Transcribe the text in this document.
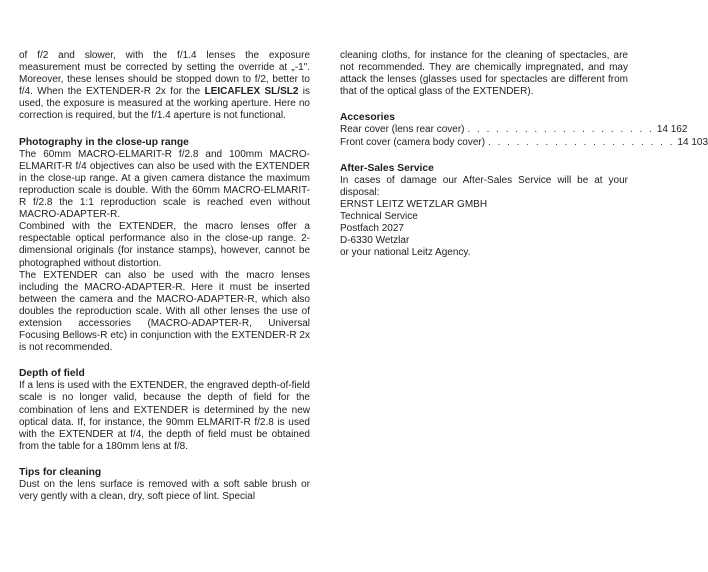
of f/2 and slower, with the f/1.4 lenses the exposure measurement must be corrected by setting the override at „-1". Moreover, these lenses should be stopped down to f/2, better to f/4. When the EXTENDER-R 2x for the LEICAFLEX SL/SL2 is used, the exposure is measured at the working aperture. Here no correction is required, but the f/1.4 aperture is not functional.

Photography in the close-up range

The 60mm MACRO-ELMARIT-R f/2.8 and 100mm MACRO-ELMARIT-R f/4 objectives can also be used with the EXTENDER in the close-up range. At a given camera distance the maximum reproduction scale is double. With the 60mm MACRO-ELMARIT-R f/2.8 the 1:1 reproduction scale is reached even without MACRO-ADAPTER-R.

Combined with the EXTENDER, the macro lenses offer a respectable optical performance also in the close-up range. 2-dimensional originals (for instance stamps), however, cannot be photographed without distortion.

The EXTENDER can also be used with the macro lenses including the MACRO-ADAPTER-R. Here it must be inserted between the camera and the MACRO-ADAPTER-R, which also doubles the reproduction scale. With all other lenses the use of extension accessories (MACRO-ADAPTER-R, Universal Focusing Bellows-R etc) in conjunction with the EXTENDER-R 2x is not recommended.

Depth of field

If a lens is used with the EXTENDER, the engraved depth-of-field scale is no longer valid, because the depth of field for the combination of lens and EXTENDER is determined by the new optical data. If, for instance, the 90mm ELMARIT-R f/2.8 is used with the EXTENDER at f/4, the depth of field must be obtained from the table for a 180mm lens at f/8.

Tips for cleaning

Dust on the lens surface is removed with a soft sable brush or very gently with a clean, dry, soft piece of lint. Special

cleaning cloths, for instance for the cleaning of spectacles, are not recommended. They are chemically impregnated, and may attack the lenses (glasses used for spectacles are different from that of the optical glass of the EXTENDER).

Accesories
Rear cover (lens rear cover) . . . . . . . . . . . . . . . . . . . . 14 162
Front cover (camera body cover) . . . . . . . . . . . . . . . . . . . . 14 103
After-Sales Service

In cases of damage our After-Sales Service will be at your disposal:

ERNST LEITZ WETZLAR GMBH
Technical Service
Postfach 2027
D-6330 Wetzlar
or your national Leitz Agency.
